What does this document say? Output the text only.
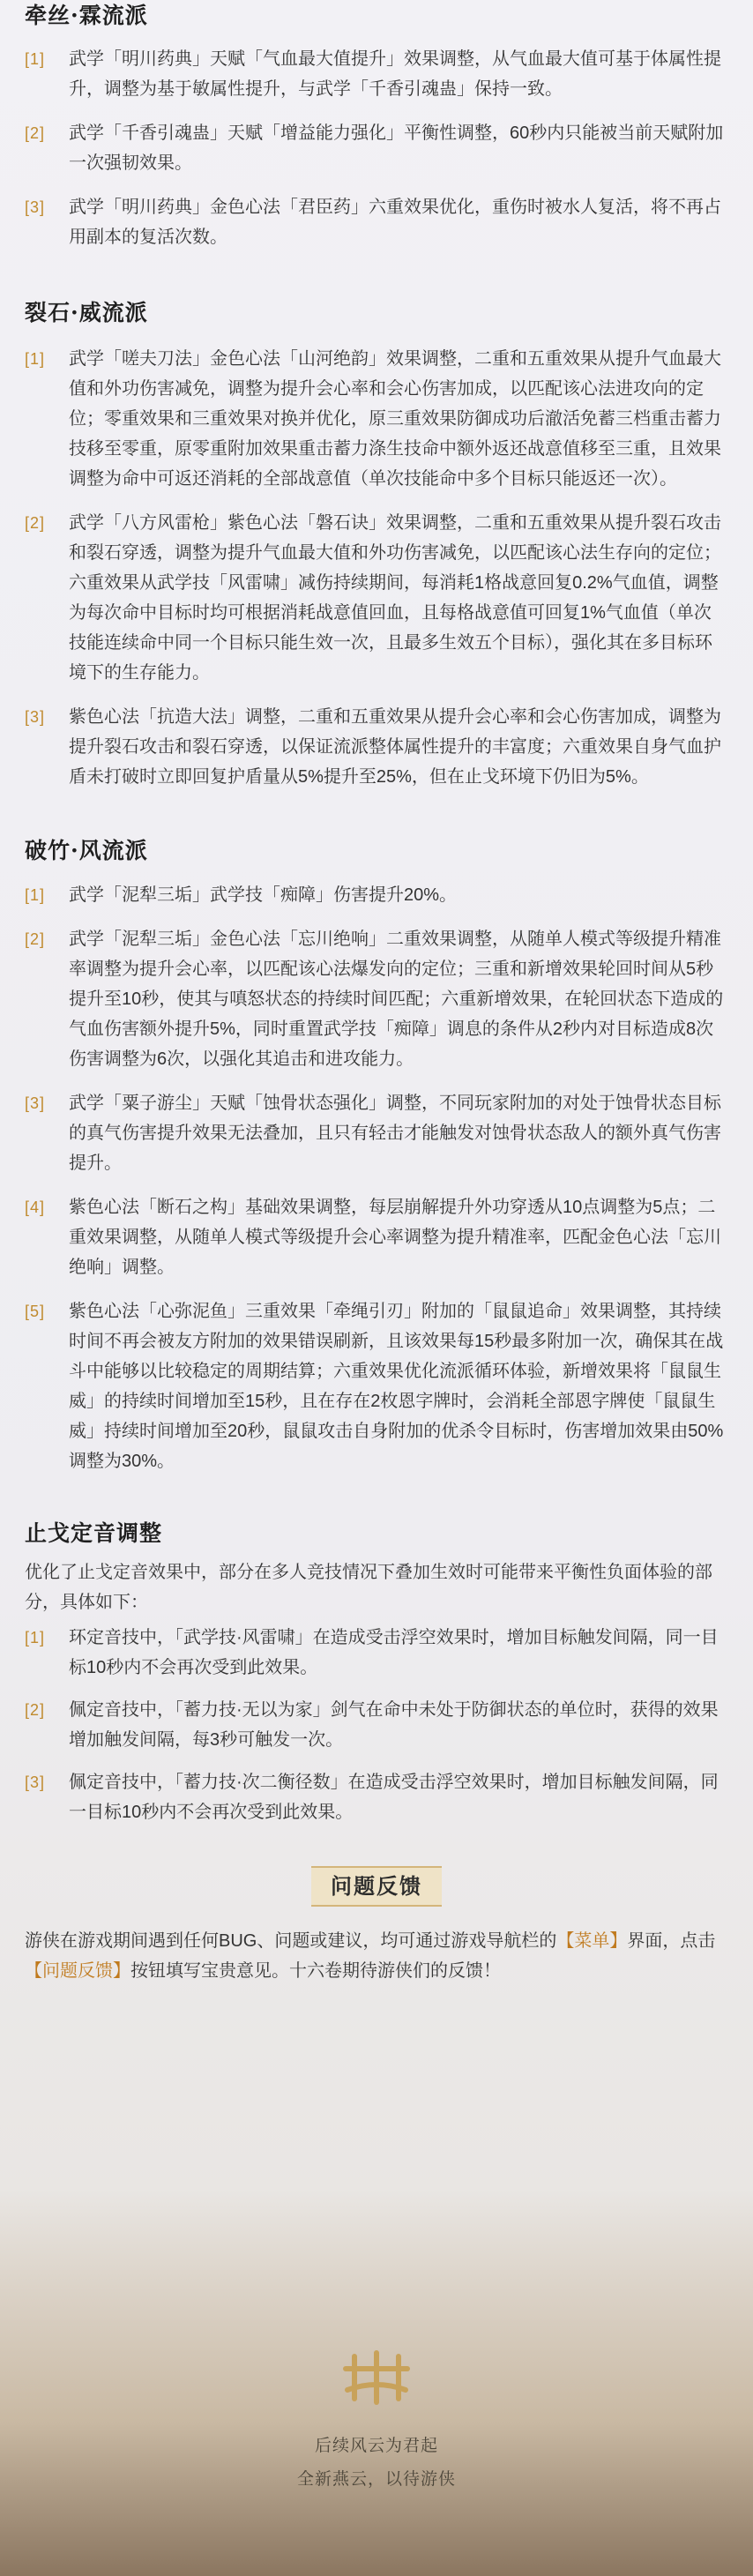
牵丝·霖流派
[1]	武学「明川药典」天赋「气血最大值提升」效果调整，从气血最大值可基于体属性提升，调整为基于敏属性提升，与武学「千香引魂蛊」保持一致。
[2]	武学「千香引魂蛊」天赋「增益能力强化」平衡性调整，60秒内只能被当前天赋附加一次强韧效果。
[3]	武学「明川药典」金色心法「君臣药」六重效果优化，重伤时被水人复活，将不再占用副本的复活次数。
裂石·威流派
[1]	武学「嗟夫刀法」金色心法「山河绝韵」效果调整，二重和五重效果从提升气血最大值和外功伤害减免，调整为提升会心率和会心伤害加成，以匹配该心法进攻向的定位；零重效果和三重效果对换并优化，原三重效果防御成功后澈活免蓄三档重击蓄力技移至零重，原零重附加效果重击蓄力涤生技命中额外返还战意值移至三重，且效果调整为命中可返还消耗的全部战意值（单次技能命中多个目标只能返还一次）。
[2]	武学「八方风雷枪」紫色心法「磐石诀」效果调整，二重和五重效果从提升裂石攻击和裂石穿透，调整为提升气血最大值和外功伤害减免，以匹配该心法生存向的定位；六重效果从武学技「风雷啸」减伤持续期间，每消耗1格战意回复0.2%气血值，调整为每次命中目标时均可根据消耗战意值回血，且每格战意值可回复1%气血值（单次技能连续命中同一个目标只能生效一次，且最多生效五个目标），强化其在多目标环境下的生存能力。
[3]	紫色心法「抗造大法」调整，二重和五重效果从提升会心率和会心伤害加成，调整为提升裂石攻击和裂石穿透，以保证流派整体属性提升的丰富度；六重效果自身气血护盾未打破时立即回复护盾量从5%提升至25%，但在止戈环境下仍旧为5%。
破竹·风流派
[1]	武学「泥犁三垢」武学技「痴障」伤害提升20%。
[2]	武学「泥犁三垢」金色心法「忘川绝响」二重效果调整，从随单人模式等级提升精准率调整为提升会心率，以匹配该心法爆发向的定位；三重和新增效果轮回时间从5秒提升至10秒，使其与嗔怒状态的持续时间匹配；六重新增效果，在轮回状态下造成的气血伤害额外提升5%，同时重置武学技「痴障」调息的条件从2秒内对目标造成8次伤害调整为6次，以强化其追击和进攻能力。
[3]	武学「粟子游尘」天赋「蚀骨状态强化」调整，不同玩家附加的对处于蚀骨状态目标的真气伤害提升效果无法叠加，且只有轻击才能触发对蚀骨状态敌人的额外真气伤害提升。
[4]	紫色心法「断石之构」基础效果调整，每层崩解提升外功穿透从10点调整为5点；二重效果调整，从随单人模式等级提升会心率调整为提升精准率，匹配金色心法「忘川绝响」调整。
[5]	紫色心法「心弥泥鱼」三重效果「牵绳引刃」附加的「鼠鼠追命」效果调整，其持续时间不再会被友方附加的效果错误刷新，且该效果每15秒最多附加一次，确保其在战斗中能够以比较稳定的周期结算；六重效果优化流派循环体验，新增效果将「鼠鼠生威」的持续时间增加至15秒，且在存在2枚恩字牌时，会消耗全部恩字牌使「鼠鼠生威」持续时间增加至20秒，鼠鼠攻击自身附加的优杀令目标时，伤害增加效果由50%调整为30%。
止戈定音调整

优化了止戈定音效果中，部分在多人竞技情况下叠加生效时可能带来平衡性负面体验的部分，具体如下：

[1]	环定音技中，「武学技·风雷啸」在造成受击浮空效果时，增加目标触发间隔，同一目标10秒内不会再次受到此效果。
[2]	佩定音技中，「蓄力技·无以为家」剑气在命中未处于防御状态的单位时，获得的效果增加触发间隔，每3秒可触发一次。
[3]	佩定音技中，「蓄力技·次二衡径数」在造成受击浮空效果时，增加目标触发间隔，同一目标10秒内不会再次受到此效果。
问题反馈

游侠在游戏期间遇到任何BUG、问题或建议，均可通过游戏导航栏的【菜单】界面，点击【问题反馈】按钮填写宝贵意见。十六卷期待游侠们的反馈！

后续风云为君起
全新燕云，以待游侠
